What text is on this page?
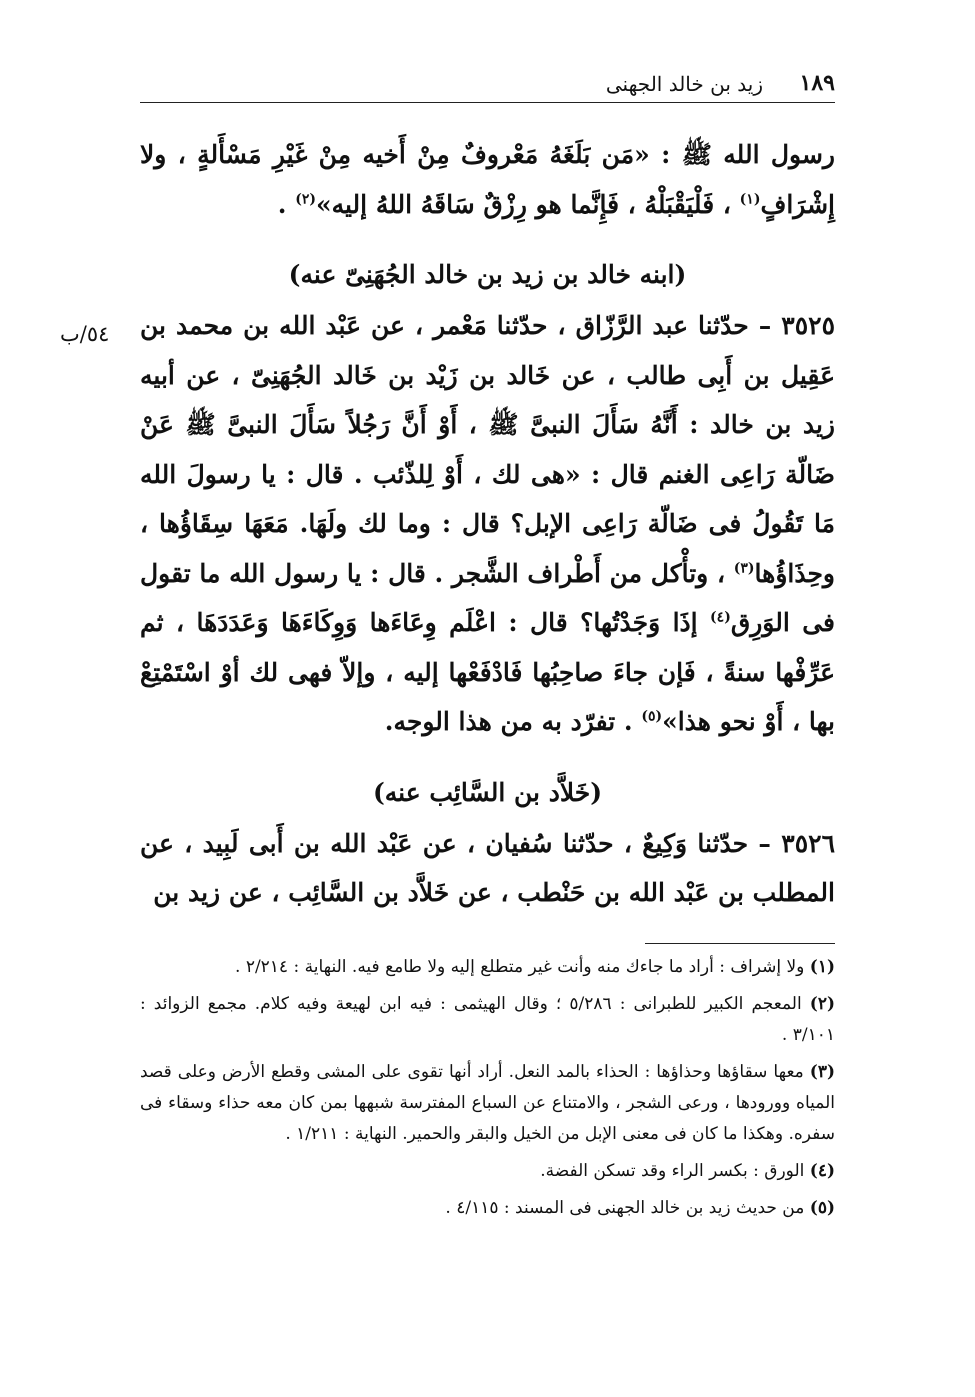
١٨٩
زيد بن خالد الجهنى
٥٤/ب

رسول الله ﷺ : «مَن بَلَغَهُ مَعْروفٌ مِنْ أَخيه مِنْ غَيْرِ مَسْأَلةٍ ، ولا إِشْرَافٍ$^{(١)}$ ، فَلْيَقْبَلْهُ ، فَإِنَّما هو رِزْقٌ سَاقَهُ اللهُ إليه»$^{(٢)}$ .

(ابنه خالد بن زيد بن خالد الجُهَنِىّ عنه)

٣٥٢٥ – حدّثنا عبد الرَّزّاق ، حدّثنا مَعْمر ، عن عَبْد الله بن محمد بن عَقِيل بن أَبِى طالب ، عن خَالد بن زَيْد بن خَالد الجُهَنِىّ ، عن أبيه زيد بن خالد : أَنَّهُ سَأَلَ النبىَّ ﷺ ، أَوْ أَنَّ رَجُلاً سَأَلَ النبىَّ ﷺ عَنْ ضَالّة رَاعِى الغنم قال : «هى لك ، أَوْ لِلذّئب . قال : يا رسولَ الله مَا تَقُولُ فى ضَالّة رَاعِى الإبل؟ قال : وما لك ولَهَا. مَعَهَا سِقَاؤُها ، وحِذَاؤُها$^{(٣)}$ ، وتأْكل من أَطْراف الشَّجر . قال : يا رسول الله ما تقول فى الوَرِق$^{(٤)}$ إذَا وَجَدْتُها؟ قال : اعْلَم وِعَاءَها وَوِكَاءَهَا وَعَدَدَهَا ، ثم عَرِّفْها سنةً ، فَإن جاءَ صاحِبُها فَادْفَعْها إليه ، وإلاّ فهى لك أوْ اسْتَمْتِعْ بها ، أَوْ نحو هذا»$^{(٥)}$ . تفرّد به من هذا الوجه.

(خَلاَّد بن السَّائِب عنه)

٣٥٢٦ – حدّثنا وَكِيعٌ ، حدّثنا سُفيان ، عن عَبْد الله بن أَبى لَبِيد ، عن المطلب بن عَبْد الله بن حَنْطب ، عن خَلاَّد بن السَّائِب ، عن زيد بن

(١) ولا إشراف : أراد ما جاءك منه وأنت غير متطلع إليه ولا طامع فيه. النهاية : ٢/٢١٤ .

(٢) المعجم الكبير للطبرانى : ٥/٢٨٦ ؛ وقال الهيثمى : فيه ابن لهيعة وفيه كلام. مجمع الزوائد : ٣/١٠١ .

(٣) معها سقاؤها وحذاؤها : الحذاء بالمد النعل. أراد أنها تقوى على المشى وقطع الأرض وعلى قصد المياه وورودها ، ورعى الشجر ، والامتناع عن السباع المفترسة شبهها بمن كان معه حذاء وسقاء فى سفره. وهكذا ما كان فى معنى الإبل من الخيل والبقر والحمير. النهاية : ١/٢١١ .

(٤) الورق : بكسر الراء وقد تسكن الفضة.

(٥) من حديث زيد بن خالد الجهنى فى المسند : ٤/١١٥ .
